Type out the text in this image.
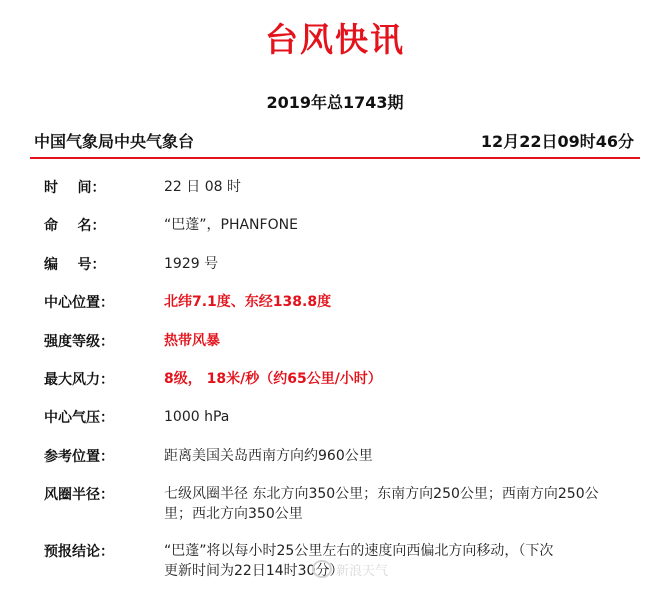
台风快讯
2019年总1743期
中国气象局中央气象台	12月22日09时46分
时    间：	22 日 08 时
命    名：	“巴蓬”，PHANFONE
编    号：	1929 号
中心位置：	北纬7.1度、东经138.8度
强度等级：	热带风暴
最大风力：	8级， 18米/秒（约65公里/小时）
中心气压：	1000 hPa
参考位置：	距离美国关岛西南方向约960公里
风圈半径：	七级风圈半径 东北方向350公里；东南方向250公里；西南方向250公里；西北方向350公里
预报结论：	“巴蓬”将以每小时25公里左右的速度向西偏北方向移动，（下次更新时间为22日14时30分）
新浪天气
